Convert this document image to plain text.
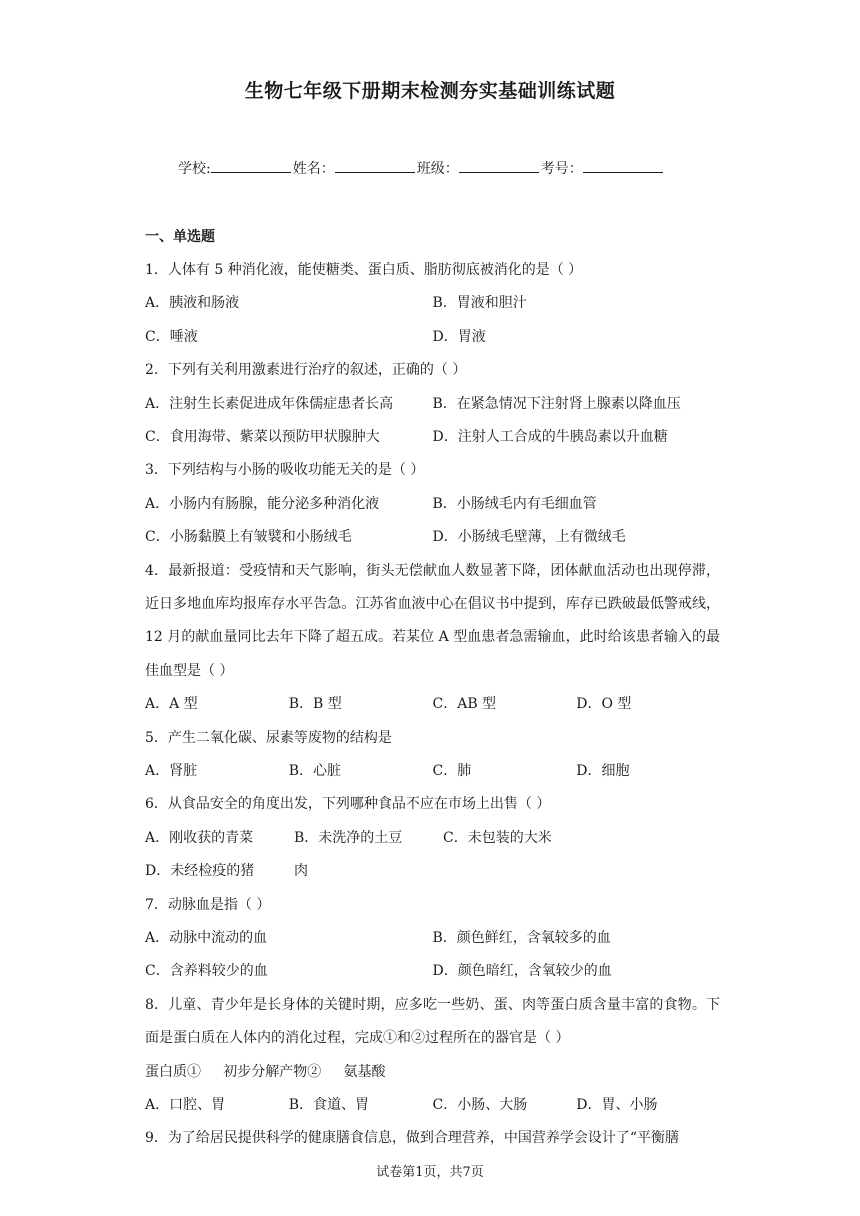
生物七年级下册期末检测夯实基础训练试题
学校:	姓名：	班级：	考号：
一、单选题
1．人体有 5 种消化液，能使糖类、蛋白质、脂肪彻底被消化的是（ ）
A．胰液和肠液	B．胃液和胆汁
C．唾液	D．胃液
2．下列有关利用激素进行治疗的叙述，正确的（ ）
A．注射生长素促进成年侏儒症患者长高	B．在紧急情况下注射肾上腺素以降血压
C．食用海带、紫菜以预防甲状腺肿大	D．注射人工合成的牛胰岛素以升血糖
3．下列结构与小肠的吸收功能无关的是（ ）
A．小肠内有肠腺，能分泌多种消化液	B．小肠绒毛内有毛细血管
C．小肠黏膜上有皱襞和小肠绒毛	D．小肠绒毛壁薄，上有微绒毛
4．最新报道：受疫情和天气影响，街头无偿献血人数显著下降，团体献血活动也出现停滞，近日多地血库均报库存水平告急。江苏省血液中心在倡议书中提到，库存已跌破最低警戒线，12 月的献血量同比去年下降了超五成。若某位 A 型血患者急需输血，此时给该患者输入的最佳血型是（ ）
A．A 型	B．B 型	C．AB 型	D．O 型
5．产生二氧化碳、尿素等废物的结构是
A．肾脏	B．心脏	C．肺	D．细胞
6．从食品安全的角度出发，下列哪种食品不应在市场上出售（ ）
A．刚收获的青菜	B．未洗净的土豆	C．未包装的大米
D．未经检疫的猪	肉
7．动脉血是指（ ）
A．动脉中流动的血	B．颜色鲜红，含氧较多的血
C．含养料较少的血	D．颜色暗红，含氧较少的血
8．儿童、青少年是长身体的关键时期，应多吃一些奶、蛋、肉等蛋白质含量丰富的食物。下面是蛋白质在人体内的消化过程，完成①和②过程所在的器官是（ ）
蛋白质①     初步分解产物②     氨基酸
A．口腔、胃	B．食道、胃	C．小肠、大肠	D．胃、小肠
9．为了给居民提供科学的健康膳食信息，做到合理营养，中国营养学会设计了“平衡膳
试卷第1页，共7页
